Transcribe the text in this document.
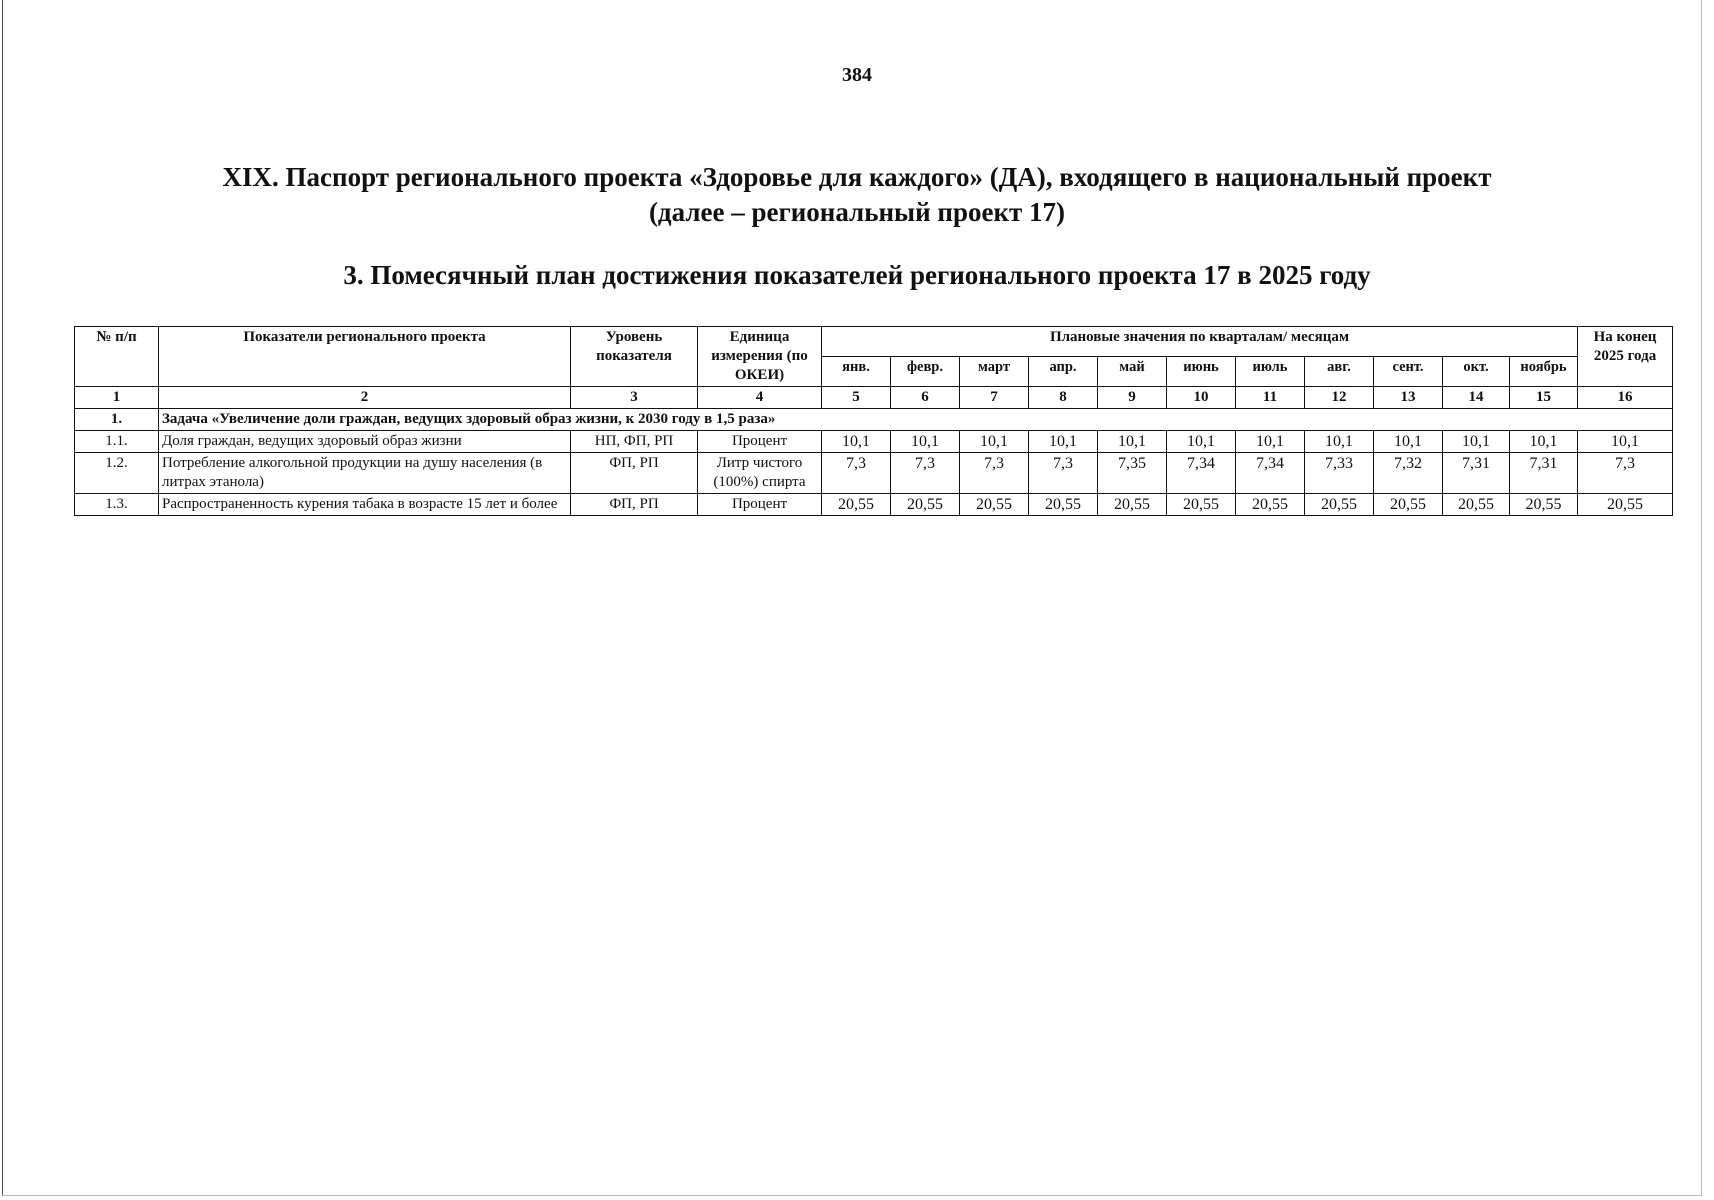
384
XIX. Паспорт регионального проекта «Здоровье для каждого» (ДА), входящего в национальный проект
(далее – региональный проект 17)
3. Помесячный план достижения показателей регионального проекта 17 в 2025 году
№ п/п	Показатели регионального проекта	Уровень показателя	Единица измерения (по ОКЕИ)	Плановые значения по кварталам/ месяцам											На конец 2025 года
				янв.	февр.	март	апр.	май	июнь	июль	авг.	сент.	окт.	ноябрь	
1	2	3	4	5	6	7	8	9	10	11	12	13	14	15	16
1.	Задача «Увеличение доли граждан, ведущих здоровый образ жизни, к 2030 году в 1,5 раза»														
1.1.	Доля граждан, ведущих здоровый образ жизни	НП, ФП, РП	Процент	10,1	10,1	10,1	10,1	10,1	10,1	10,1	10,1	10,1	10,1	10,1	10,1
1.2.	Потребление алкогольной продукции на душу населения (в литрах этанола)	ФП, РП	Литр чистого (100%) спирта	7,3	7,3	7,3	7,3	7,35	7,34	7,34	7,33	7,32	7,31	7,31	7,3
1.3.	Распространенность курения табака в возрасте 15 лет и более	ФП, РП	Процент	20,55	20,55	20,55	20,55	20,55	20,55	20,55	20,55	20,55	20,55	20,55	20,55
